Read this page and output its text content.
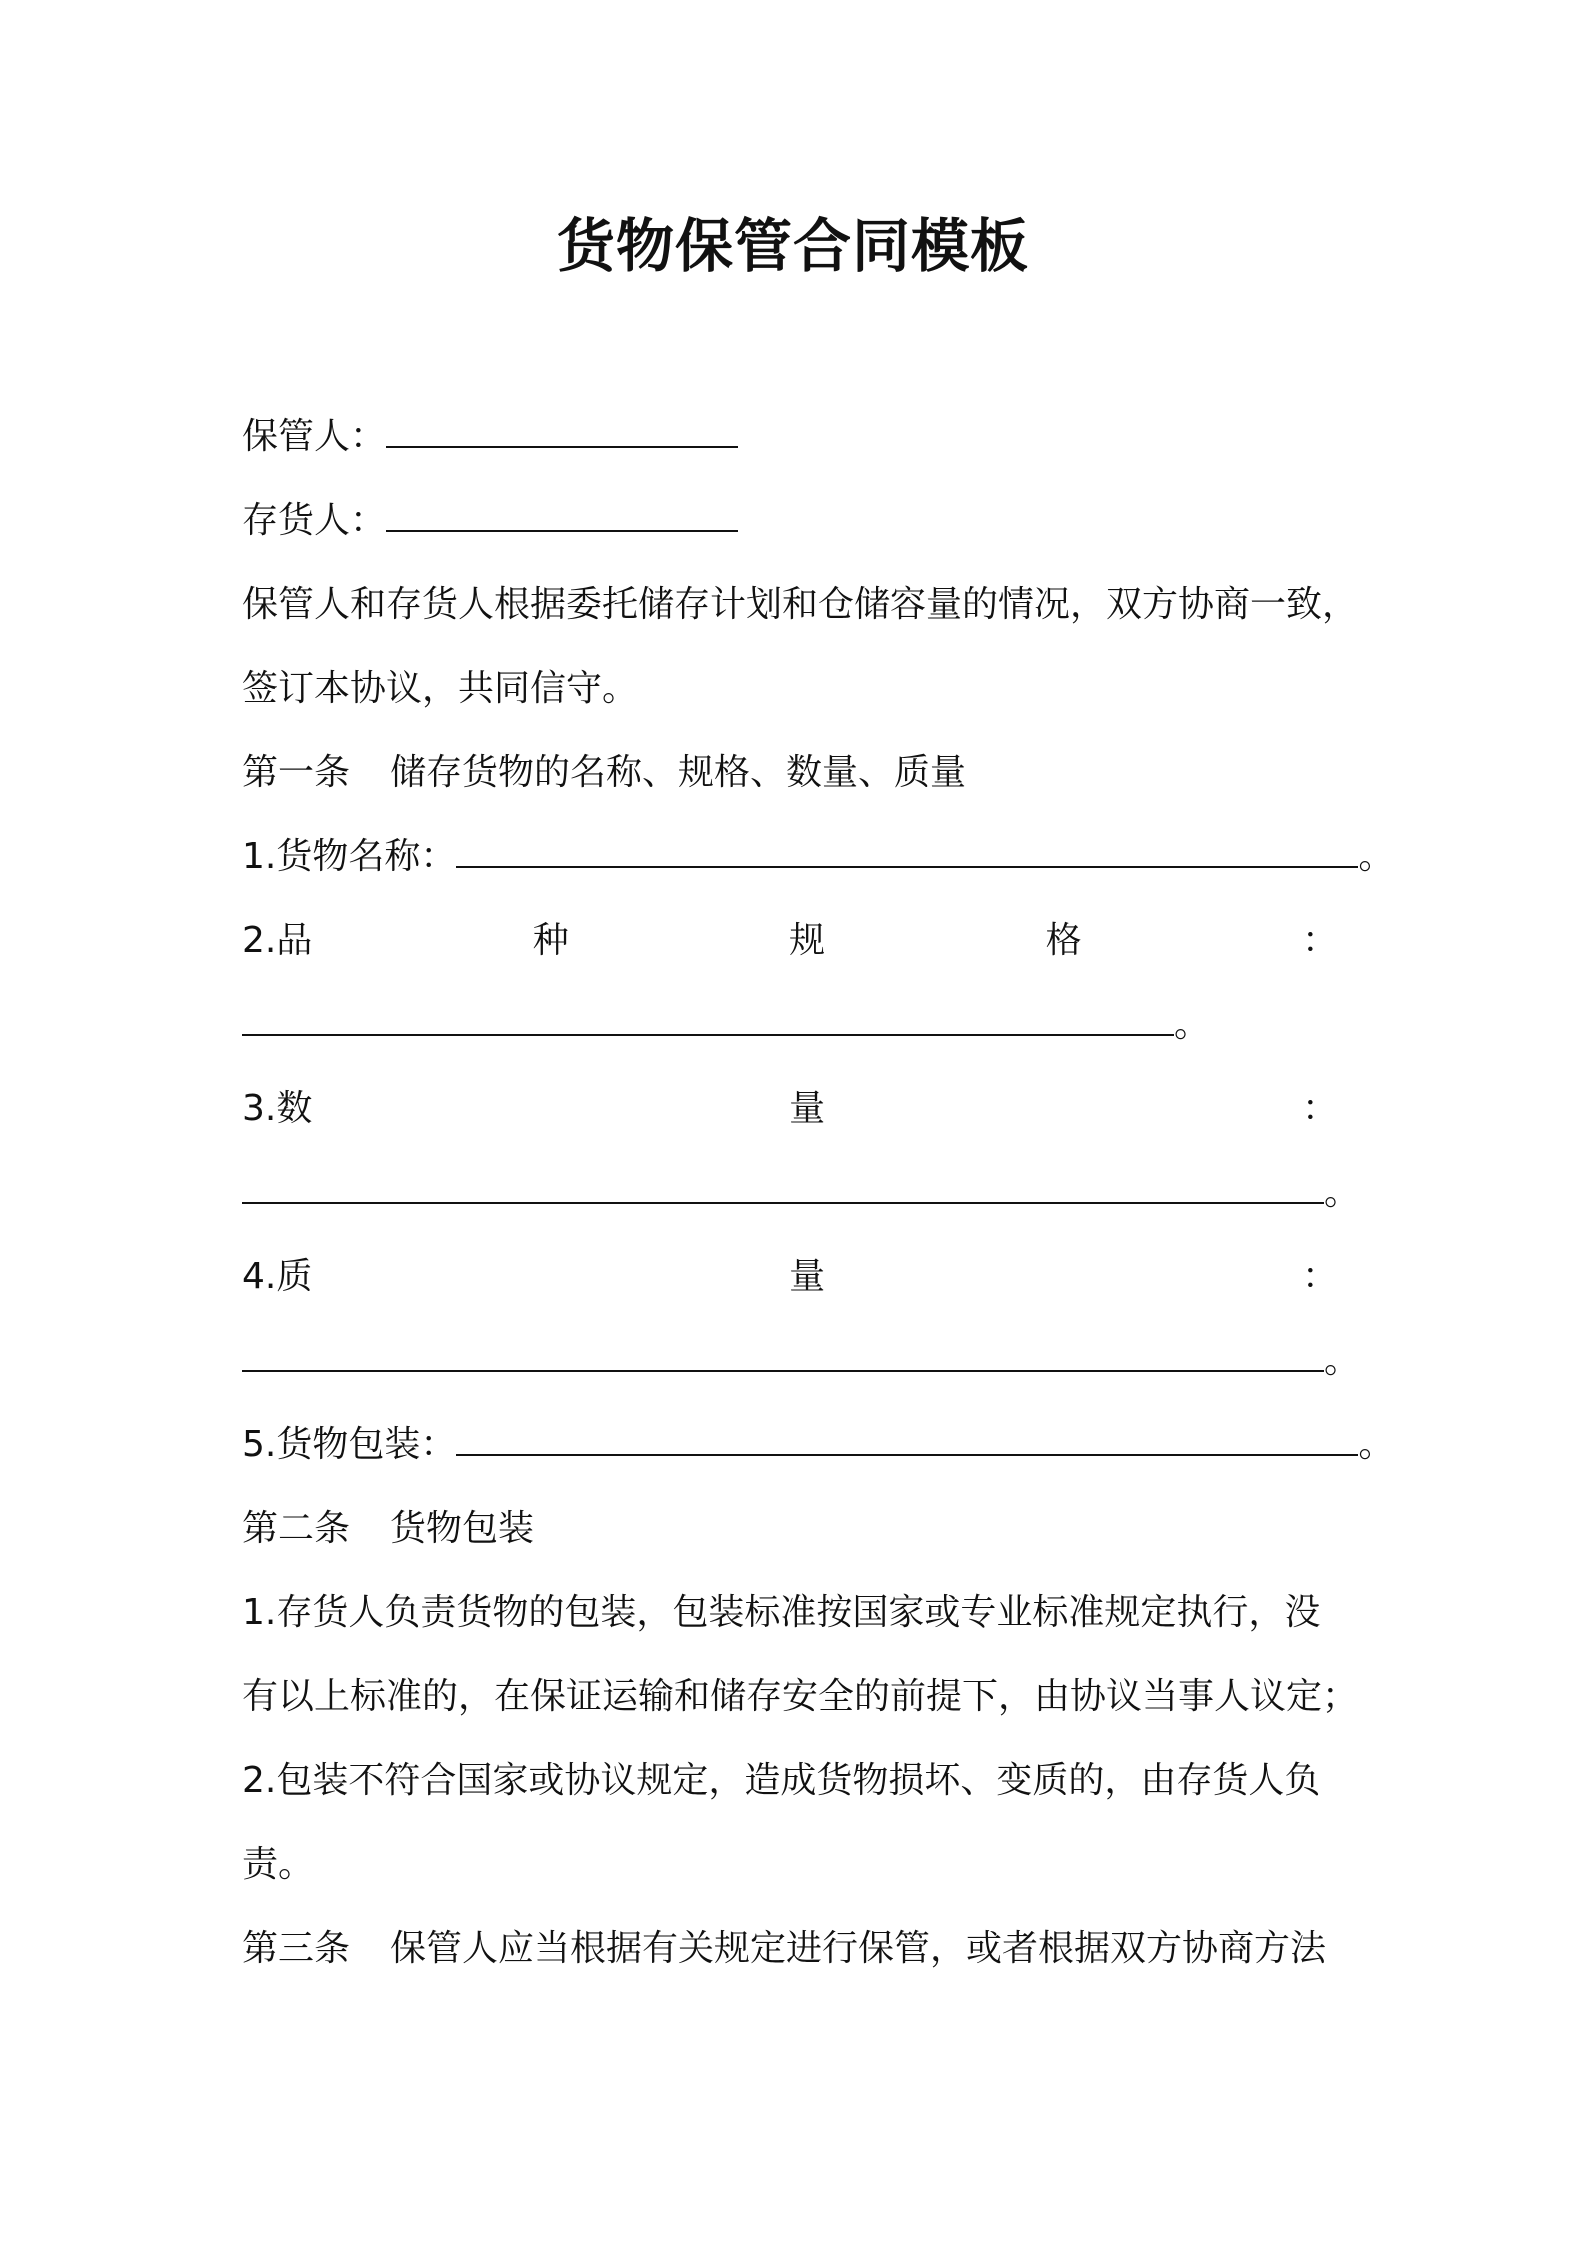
货物保管合同模板
保管人：
存货人：
保管人和存货人根据委托储存计划和仓储容量的情况，双方协商一致，
签订本协议，共同信守。
第一条 储存货物的名称、规格、数量、质量
1.货物名称：	。
2.品	种	规	格	：
。
3.数	量	：
。
4.质	量	：
。
5.货物包装：	。
第二条 货物包装
1.存货人负责货物的包装，包装标准按国家或专业标准规定执行，没
有以上标准的，在保证运输和储存安全的前提下，由协议当事人议定；
2.包装不符合国家或协议规定，造成货物损坏、变质的，由存货人负
责。
第三条 保管人应当根据有关规定进行保管，或者根据双方协商方法
